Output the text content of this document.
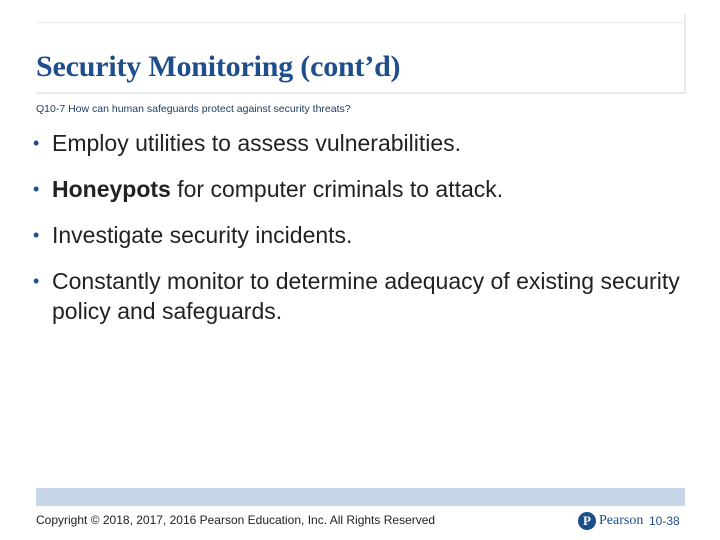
Security Monitoring (cont’d)
Q10-7 How can human safeguards protect against security threats?
• Employ utilities to assess vulnerabilities.
• Honeypots for computer criminals to attack.
• Investigate security incidents.
• Constantly monitor to determine adequacy of existing security policy and safeguards.
Copyright © 2018, 2017, 2016 Pearson Education, Inc. All Rights Reserved	P Pearson 10-38
